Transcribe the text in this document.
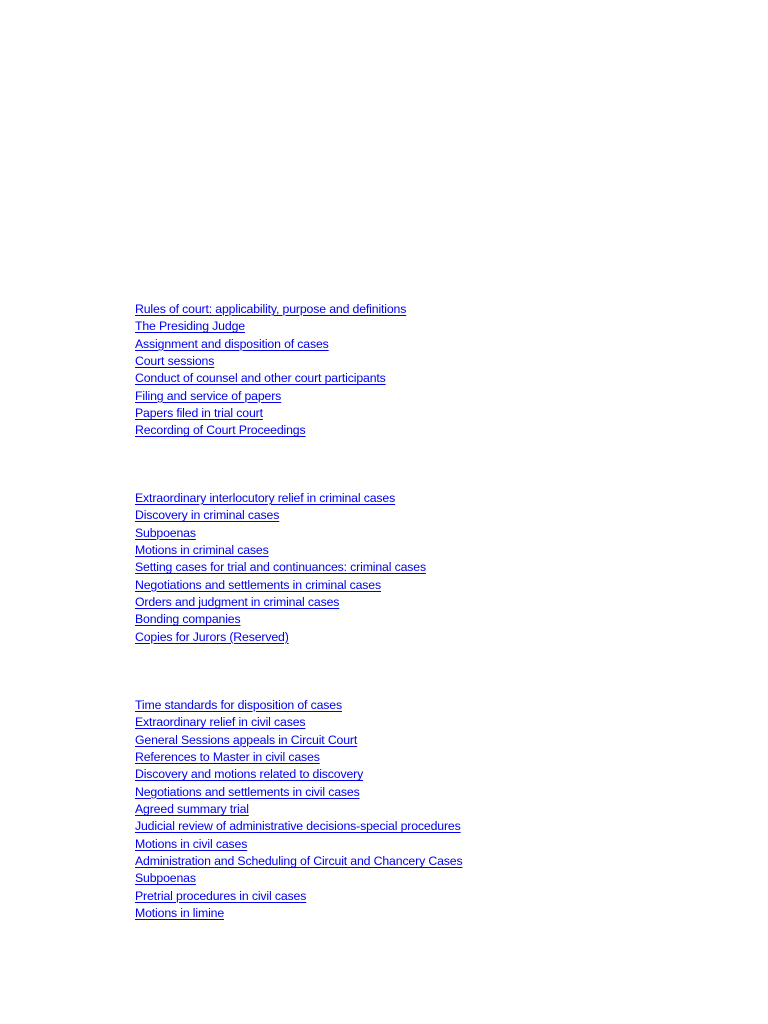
Rules of court: applicability, purpose and definitions
The Presiding Judge
Assignment and disposition of cases
Court sessions
Conduct of counsel and other court participants
Filing and service of papers
Papers filed in trial court
Recording of Court Proceedings
Extraordinary interlocutory relief in criminal cases
Discovery in criminal cases
Subpoenas
Motions in criminal cases
Setting cases for trial and continuances: criminal cases
Negotiations and settlements in criminal cases
Orders and judgment in criminal cases
Bonding companies
Copies for Jurors (Reserved)
Time standards for disposition of cases
Extraordinary relief in civil cases
General Sessions appeals in Circuit Court
References to Master in civil cases
Discovery and motions related to discovery
Negotiations and settlements in civil cases
Agreed summary trial
Judicial review of administrative decisions-special procedures
Motions in civil cases
Administration and Scheduling of Circuit and Chancery Cases
Subpoenas
Pretrial procedures in civil cases
Motions in limine
